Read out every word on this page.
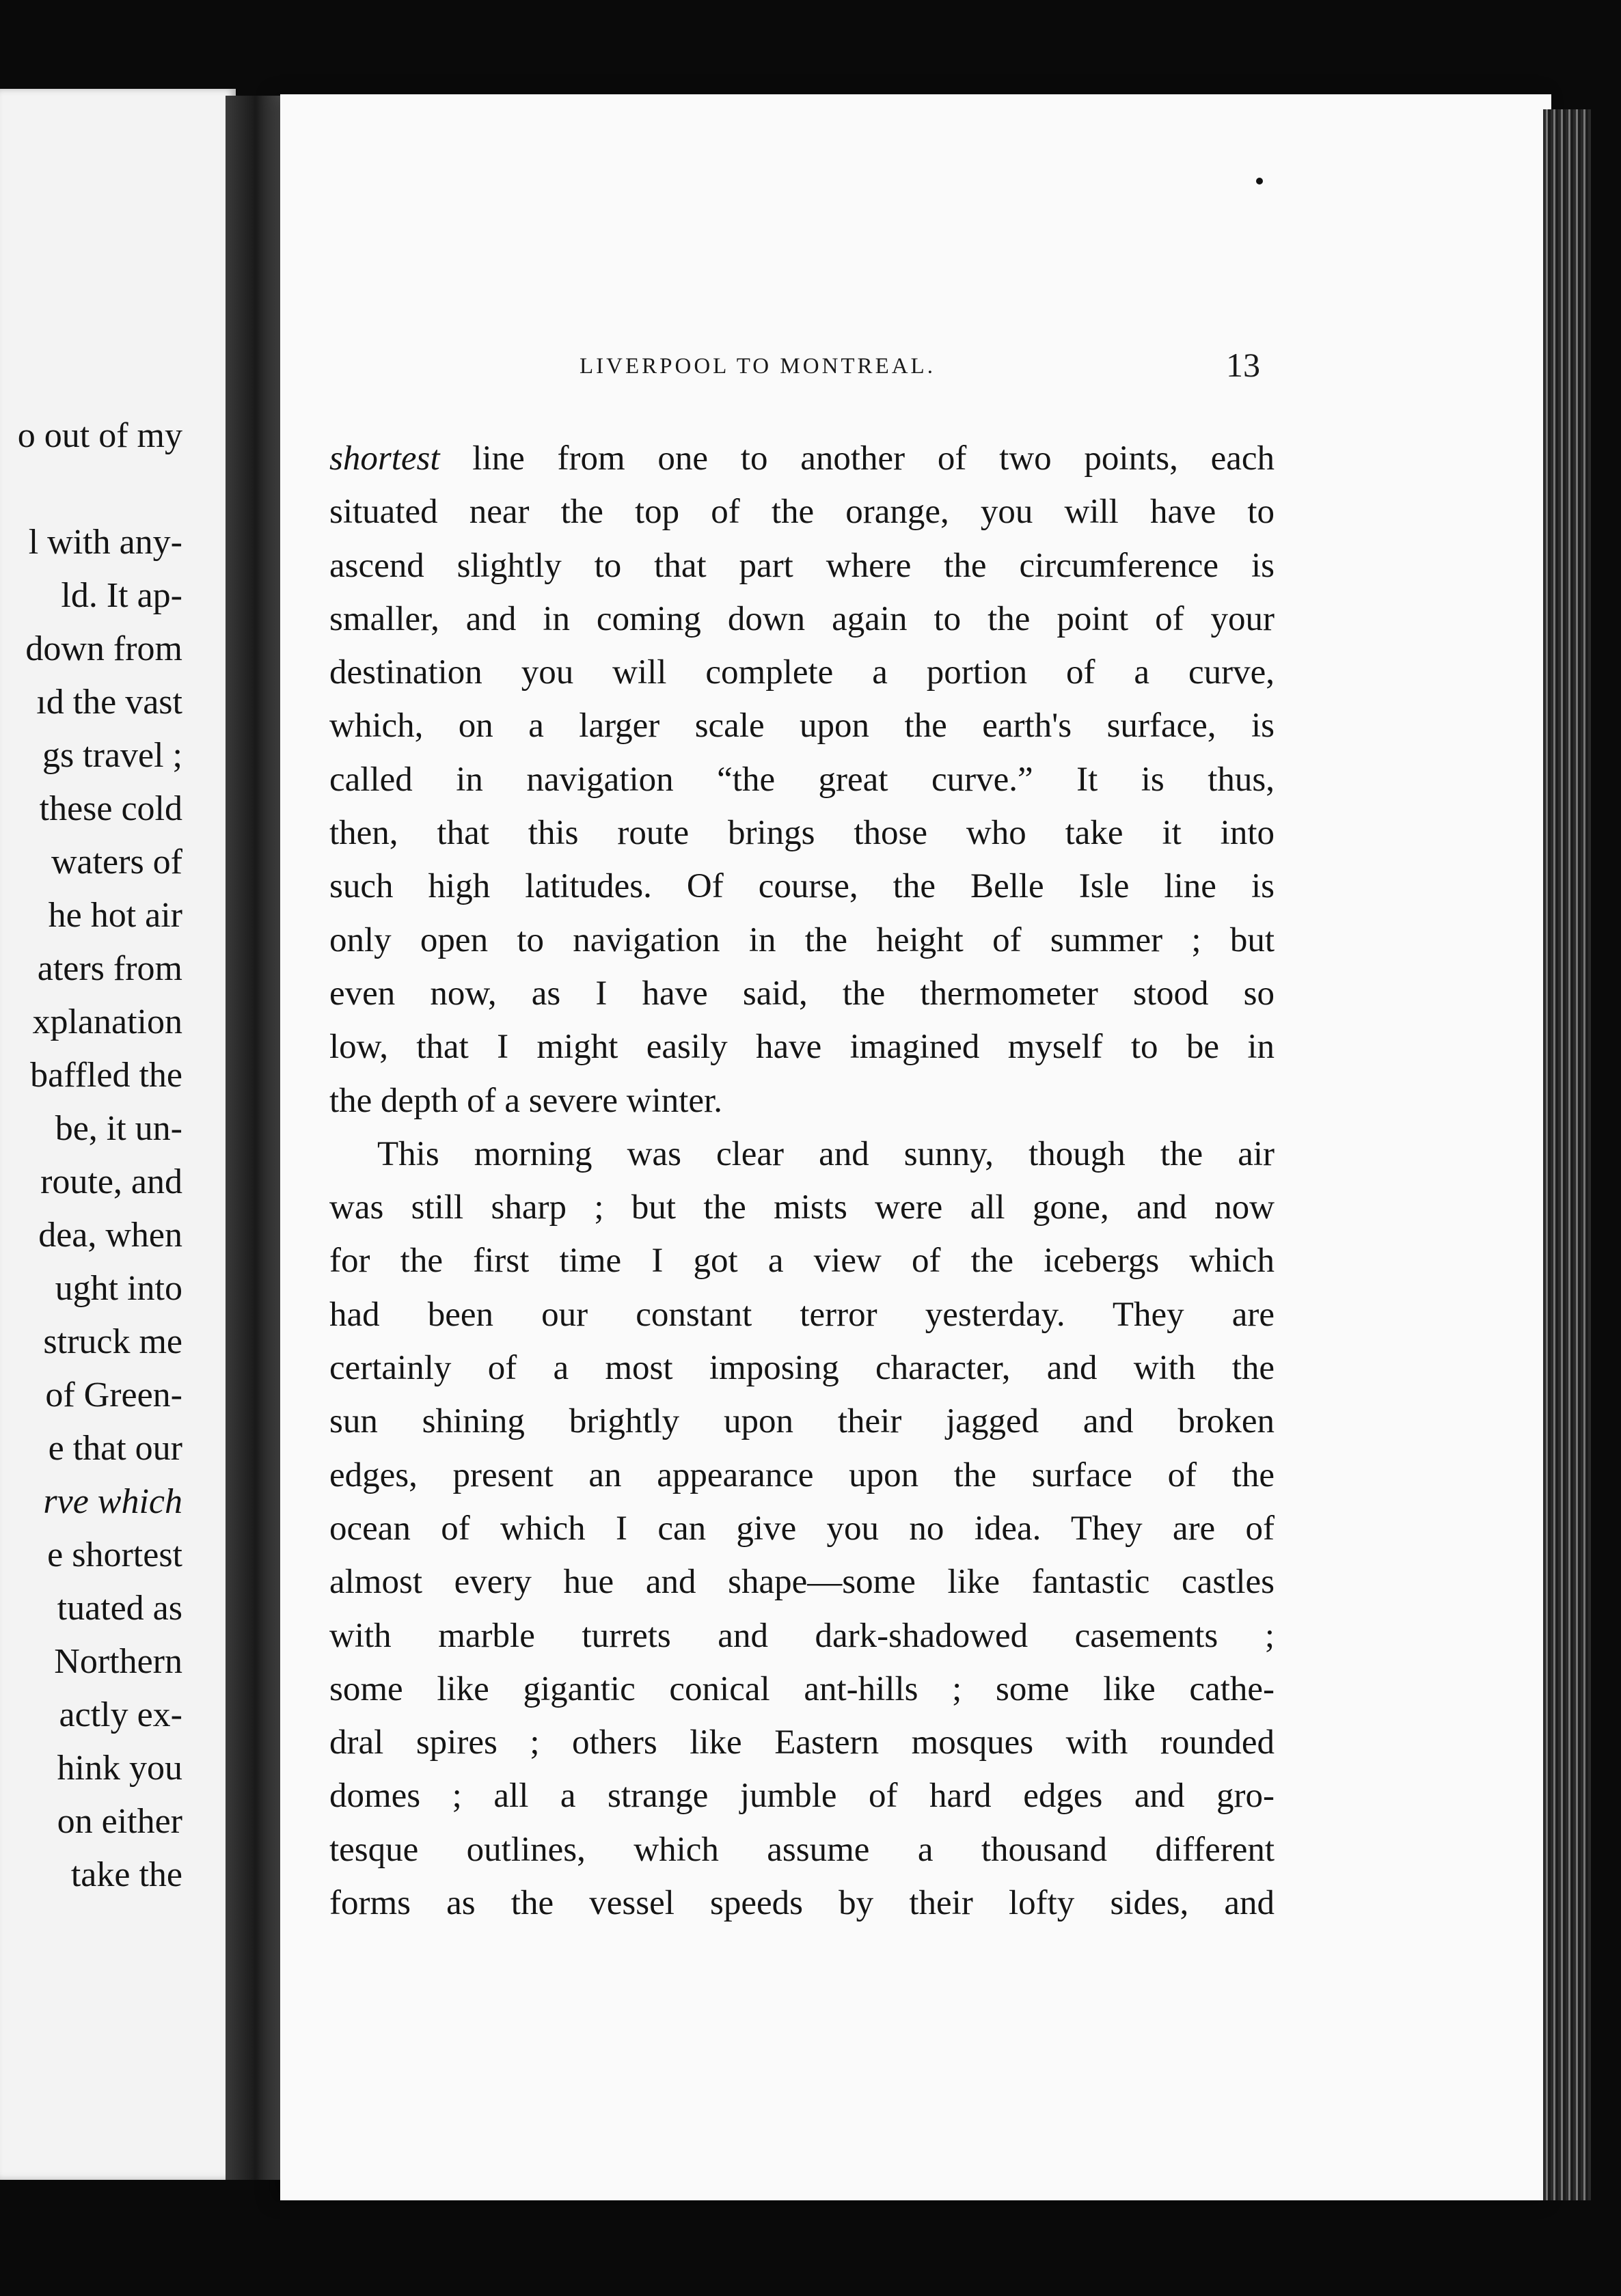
o out of my
l with any-
ld. It ap-
down from
ıd the vast
gs travel ;
these cold
waters of
he hot air
aters from
xplanation
baffled the
be, it un-
route, and
dea, when
ught into
struck me
of Green-
e that our
rve which
e shortest
tuated as
Northern
actly ex-
hink you
on either
take the
LIVERPOOL TO MONTREAL.	13
shortest line from one to another of two points, each
situated near the top of the orange, you will have to
ascend slightly to that part where the circumference is
smaller, and in coming down again to the point of your
destination you will complete a portion of a curve,
which, on a larger scale upon the earth's surface, is
called in navigation “the great curve.” It is thus,
then, that this route brings those who take it into
such high latitudes. Of course, the Belle Isle line is
only open to navigation in the height of summer ; but
even now, as I have said, the thermometer stood so
low, that I might easily have imagined myself to be in
the depth of a severe winter.
This morning was clear and sunny, though the air
was still sharp ; but the mists were all gone, and now
for the first time I got a view of the icebergs which
had been our constant terror yesterday. They are
certainly of a most imposing character, and with the
sun shining brightly upon their jagged and broken
edges, present an appearance upon the surface of the
ocean of which I can give you no idea. They are of
almost every hue and shape—some like fantastic castles
with marble turrets and dark-shadowed casements ;
some like gigantic conical ant-hills ; some like cathe-
dral spires ; others like Eastern mosques with rounded
domes ; all a strange jumble of hard edges and gro-
tesque outlines, which assume a thousand different
forms as the vessel speeds by their lofty sides, and
